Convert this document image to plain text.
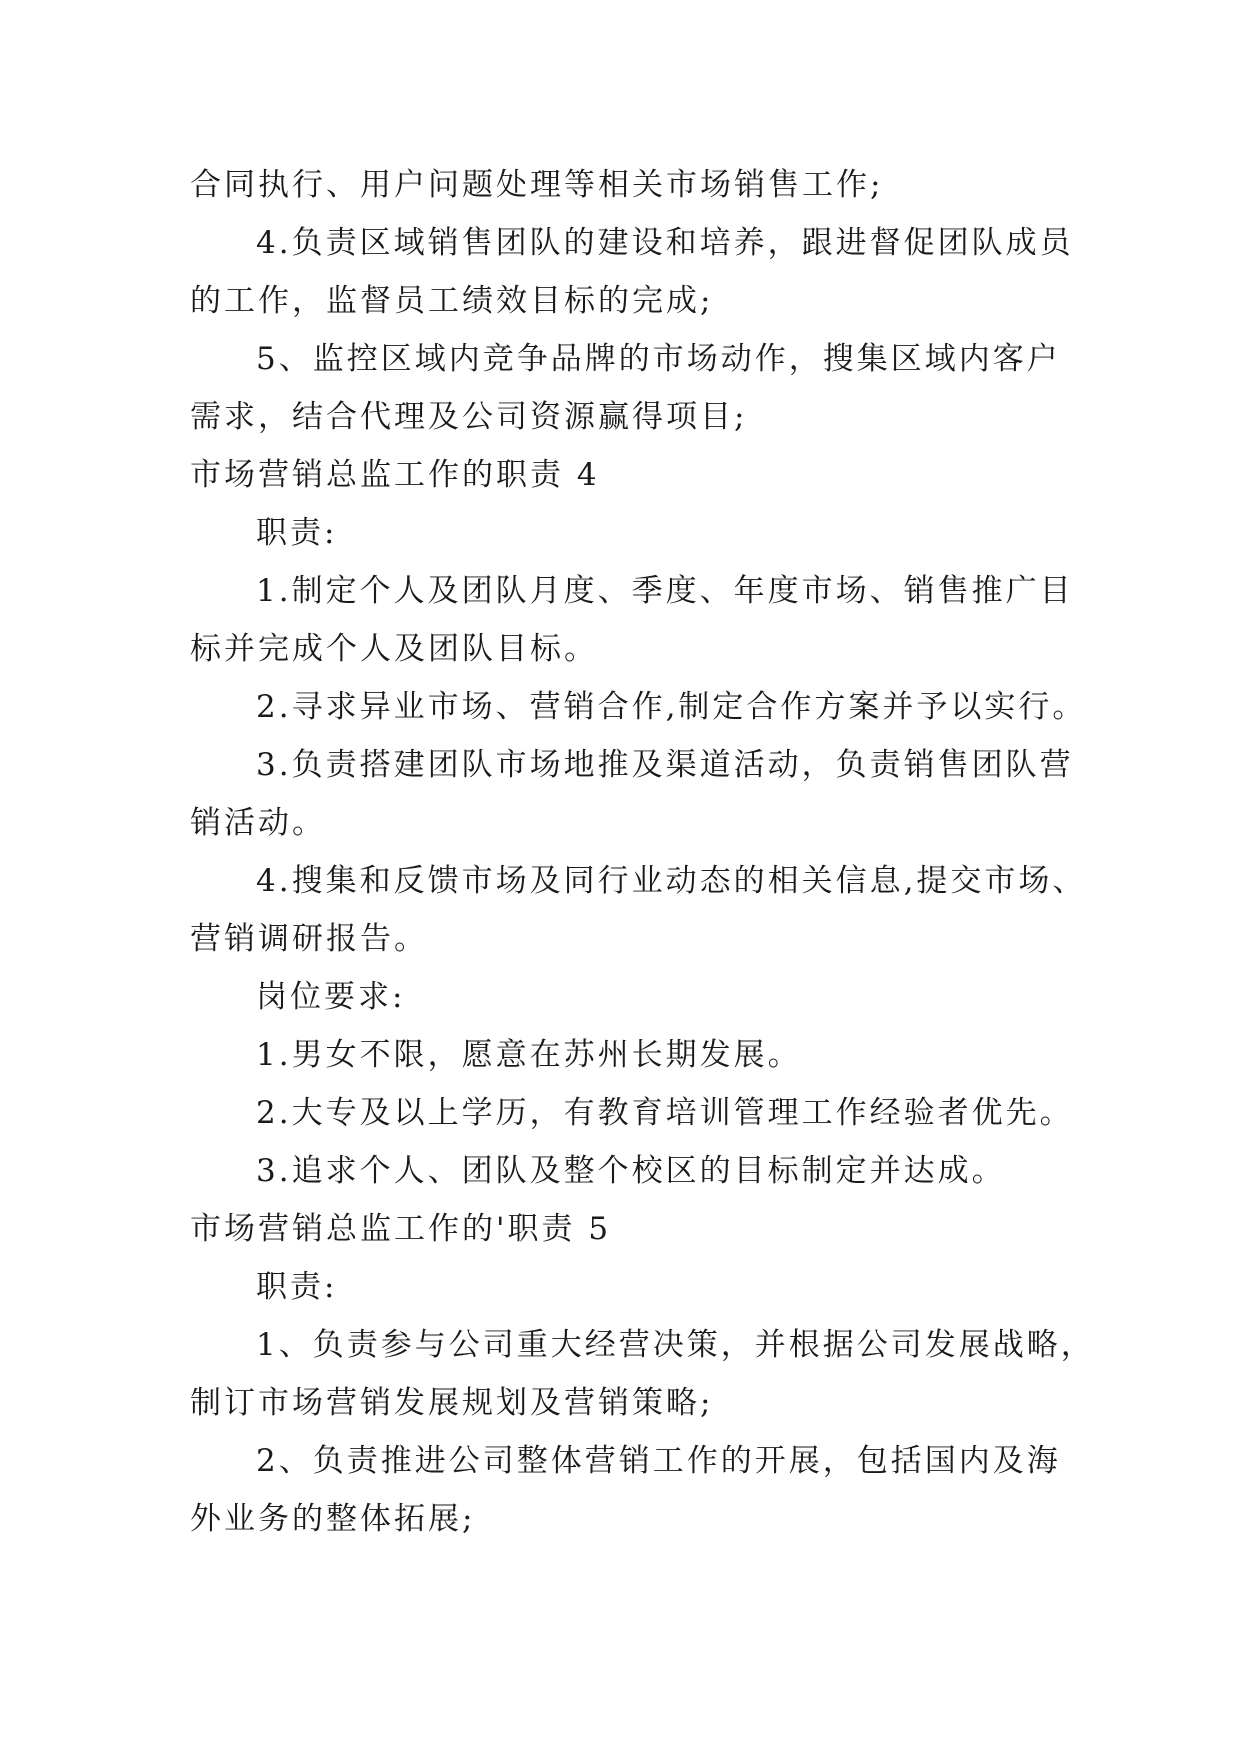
合同执行、用户问题处理等相关市场销售工作;
4.负责区域销售团队的建设和培养，跟进督促团队成员
的工作，监督员工绩效目标的完成;
5、监控区域内竞争品牌的市场动作，搜集区域内客户
需求，结合代理及公司资源赢得项目;
市场营销总监工作的职责 4
职责:
1.制定个人及团队月度、季度、年度市场、销售推广目
标并完成个人及团队目标。
2.寻求异业市场、营销合作,制定合作方案并予以实行。
3.负责搭建团队市场地推及渠道活动，负责销售团队营
销活动。
4.搜集和反馈市场及同行业动态的相关信息,提交市场、
营销调研报告。
岗位要求:
1.男女不限，愿意在苏州长期发展。
2.大专及以上学历，有教育培训管理工作经验者优先。
3.追求个人、团队及整个校区的目标制定并达成。
市场营销总监工作的'职责 5
职责:
1、负责参与公司重大经营决策，并根据公司发展战略，
制订市场营销发展规划及营销策略;
2、负责推进公司整体营销工作的开展，包括国内及海
外业务的整体拓展;
